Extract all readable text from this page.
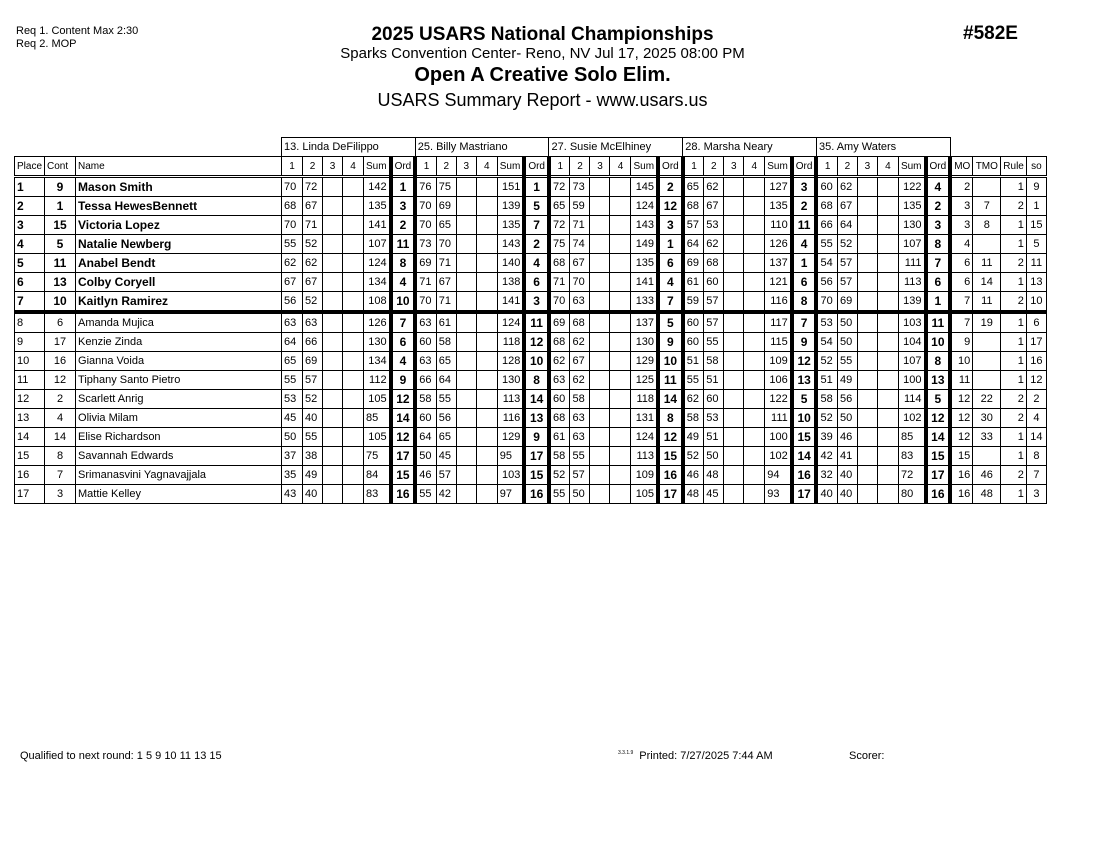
Req 1. Content Max 2:30
Req 2. MOP	2025 USARS National Championships
Sparks Convention Center- Reno, NV Jul 17, 2025 08:00 PM
Open A Creative Solo Elim.
USARS Summary Report - www.usars.us
#582E
			13. Linda DeFilippo						25. Billy Mastriano						27. Susie McElhiney						28. Marsha Neary						35. Amy Waters									
Place	Cont	Name	1	2	3	4	Sum	Ord	1	2	3	4	Sum	Ord	1	2	3	4	Sum	Ord	1	2	3	4	Sum	Ord	1	2	3	4	Sum	Ord	MO	TMO	Rule	so
1	9	Mason Smith	70	72			142	1	76	75			151	1	72	73			145	2	65	62			127	3	60	62			122	4	2		1	9
2	1	Tessa HewesBennett	68	67			135	3	70	69			139	5	65	59			124	12	68	67			135	2	68	67			135	2	3	7	2	1
3	15	Victoria Lopez	70	71			141	2	70	65			135	7	72	71			143	3	57	53			110	11	66	64			130	3	3	8	1	15
4	5	Natalie Newberg	55	52			107	11	73	70			143	2	75	74			149	1	64	62			126	4	55	52			107	8	4		1	5
5	11	Anabel Bendt	62	62			124	8	69	71			140	4	68	67			135	6	69	68			137	1	54	57			111	7	6	11	2	11
6	13	Colby Coryell	67	67			134	4	71	67			138	6	71	70			141	4	61	60			121	6	56	57			113	6	6	14	1	13
7	10	Kaitlyn Ramirez	56	52			108	10	70	71			141	3	70	63			133	7	59	57			116	8	70	69			139	1	7	11	2	10
8	6	Amanda Mujica	63	63			126	7	63	61			124	11	69	68			137	5	60	57			117	7	53	50			103	11	7	19	1	6
9	17	Kenzie Zinda	64	66			130	6	60	58			118	12	68	62			130	9	60	55			115	9	54	50			104	10	9		1	17
10	16	Gianna Voida	65	69			134	4	63	65			128	10	62	67			129	10	51	58			109	12	52	55			107	8	10		1	16
11	12	Tiphany Santo Pietro	55	57			112	9	66	64			130	8	63	62			125	11	55	51			106	13	51	49			100	13	11		1	12
12	2	Scarlett Anrig	53	52			105	12	58	55			113	14	60	58			118	14	62	60			122	5	58	56			114	5	12	22	2	2
13	4	Olivia Milam	45	40			85	14	60	56			116	13	68	63			131	8	58	53			111	10	52	50			102	12	12	30	2	4
14	14	Elise Richardson	50	55			105	12	64	65			129	9	61	63			124	12	49	51			100	15	39	46			85	14	12	33	1	14
15	8	Savannah Edwards	37	38			75	17	50	45			95	17	58	55			113	15	52	50			102	14	42	41			83	15	15		1	8
16	7	Srimanasvini Yagnavajjala	35	49			84	15	46	57			103	15	52	57			109	16	46	48			94	16	32	40			72	17	16	46	2	7
17	3	Mattie Kelley	43	40			83	16	55	42			97	16	55	50			105	17	48	45			93	17	40	40			80	16	16	48	1	3
Qualified to next round: 1 5 9 10 11 13 15	$^{3.3.1.9}$ Printed: 7/27/2025 7:44 AM	Scorer:
